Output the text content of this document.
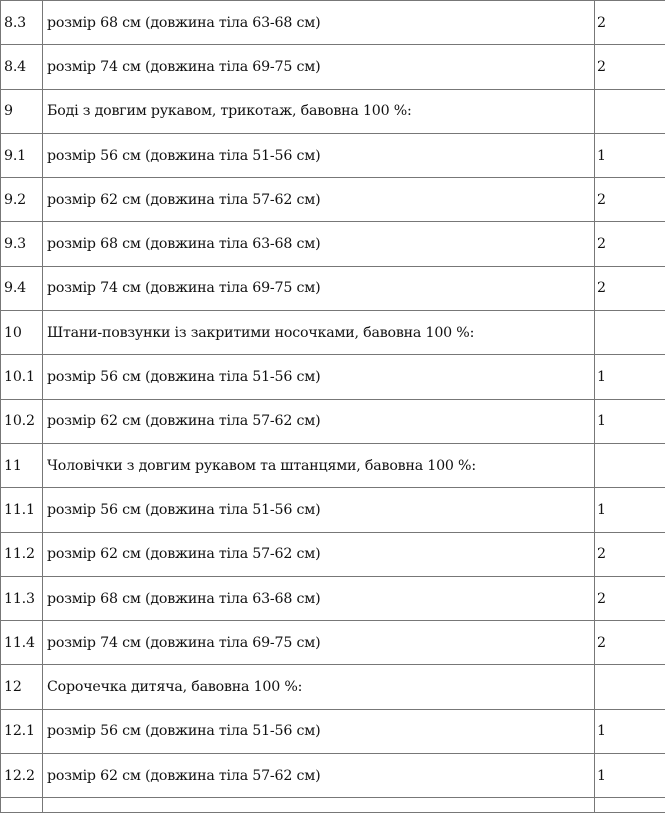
8.3	розмір 68 см (довжина тіла 63-68 см)	2
8.4	розмір 74 см (довжина тіла 69-75 см)	2
9	Боді з довгим рукавом, трикотаж, бавовна 100 %:	
9.1	розмір 56 см (довжина тіла 51-56 см)	1
9.2	розмір 62 см (довжина тіла 57-62 см)	2
9.3	розмір 68 см (довжина тіла 63-68 см)	2
9.4	розмір 74 см (довжина тіла 69-75 см)	2
10	Штани-повзунки із закритими носочками, бавовна 100 %:	
10.1	розмір 56 см (довжина тіла 51-56 см)	1
10.2	розмір 62 см (довжина тіла 57-62 см)	1
11	Чоловічки з довгим рукавом та штанцями, бавовна 100 %:	
11.1	розмір 56 см (довжина тіла 51-56 см)	1
11.2	розмір 62 см (довжина тіла 57-62 см)	2
11.3	розмір 68 см (довжина тіла 63-68 см)	2
11.4	розмір 74 см (довжина тіла 69-75 см)	2
12	Сорочечка дитяча, бавовна 100 %:	
12.1	розмір 56 см (довжина тіла 51-56 см)	1
12.2	розмір 62 см (довжина тіла 57-62 см)	1
